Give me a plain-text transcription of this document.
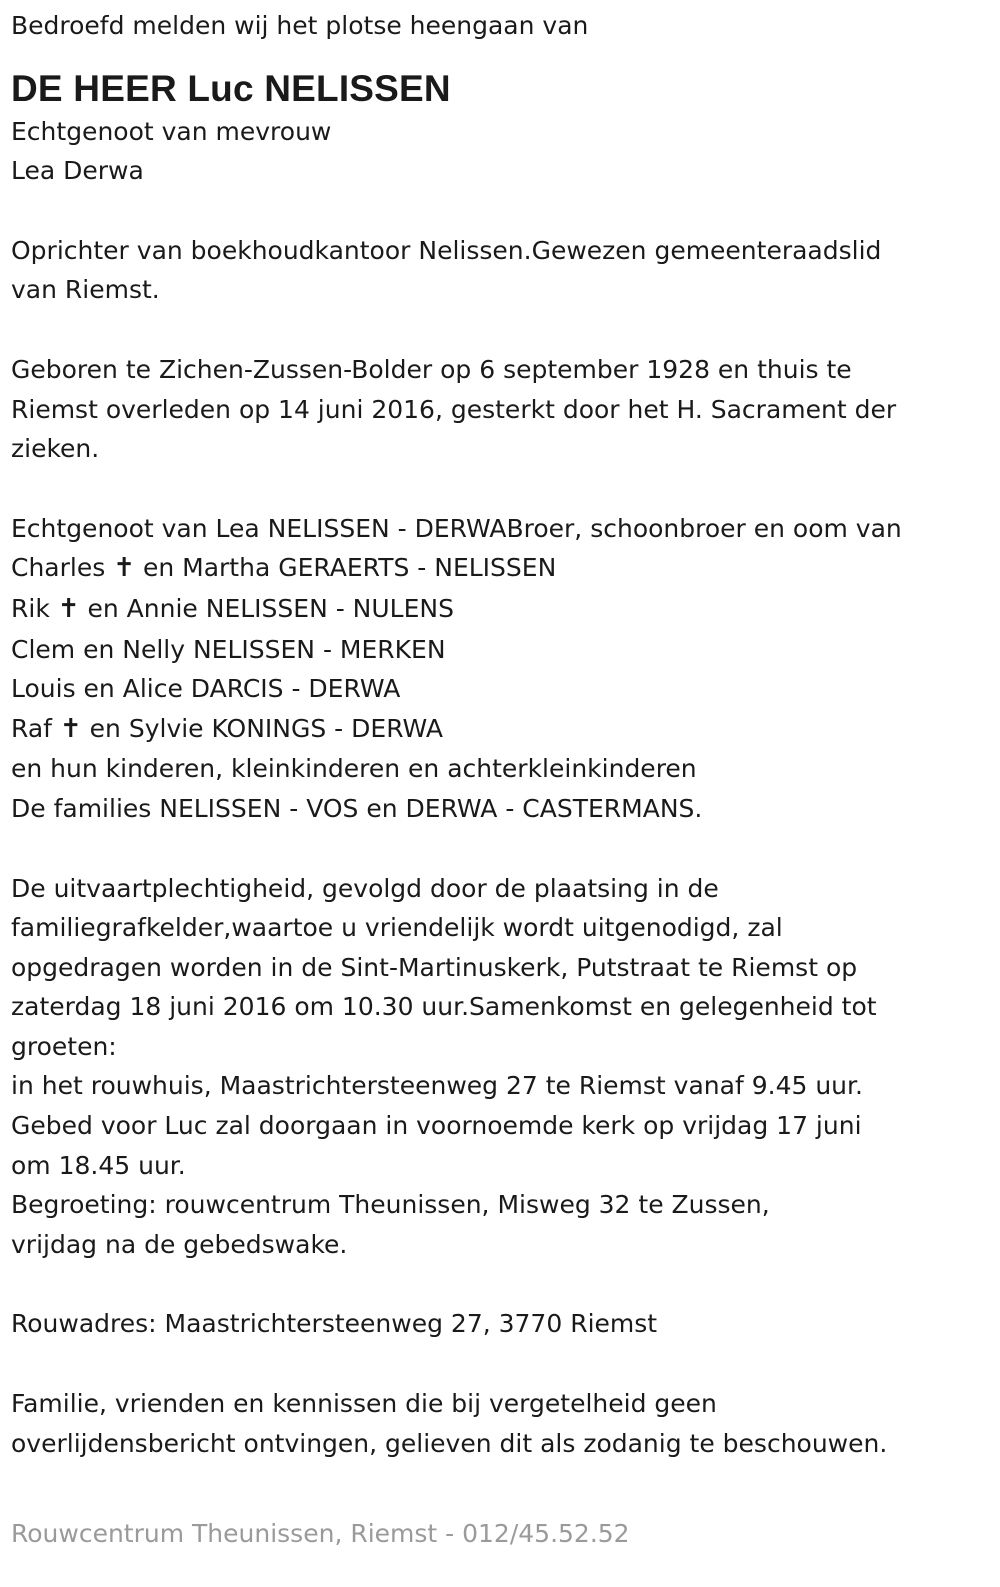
Bedroefd melden wij het plotse heengaan van

DE HEER Luc NELISSEN

Echtgenoot van mevrouw

Lea Derwa

Oprichter van boekhoudkantoor Nelissen.Gewezen gemeenteraadslid

van Riemst.

Geboren te Zichen-Zussen-Bolder op 6 september 1928 en thuis te

Riemst overleden op 14 juni 2016, gesterkt door het H. Sacrament der

zieken.

Echtgenoot van Lea NELISSEN - DERWABroer, schoonbroer en oom van

Charles ✝ en Martha GERAERTS - NELISSEN

Rik ✝ en Annie NELISSEN - NULENS

Clem en Nelly NELISSEN - MERKEN

Louis en Alice DARCIS - DERWA

Raf ✝ en Sylvie KONINGS - DERWA

en hun kinderen, kleinkinderen en achterkleinkinderen

De families NELISSEN - VOS en DERWA - CASTERMANS.

De uitvaartplechtigheid, gevolgd door de plaatsing in de

familiegrafkelder,waartoe u vriendelijk wordt uitgenodigd, zal

opgedragen worden in de Sint-Martinuskerk, Putstraat te Riemst op

zaterdag 18 juni 2016 om 10.30 uur.Samenkomst en gelegenheid tot

groeten:

in het rouwhuis, Maastrichtersteenweg 27 te Riemst vanaf 9.45 uur.

Gebed voor Luc zal doorgaan in voornoemde kerk op vrijdag 17 juni

om 18.45 uur.

Begroeting: rouwcentrum Theunissen, Misweg 32 te Zussen,

vrijdag na de gebedswake.

Rouwadres: Maastrichtersteenweg 27, 3770 Riemst

Familie, vrienden en kennissen die bij vergetelheid geen

overlijdensbericht ontvingen, gelieven dit als zodanig te beschouwen.

Rouwcentrum Theunissen, Riemst - 012/45.52.52
